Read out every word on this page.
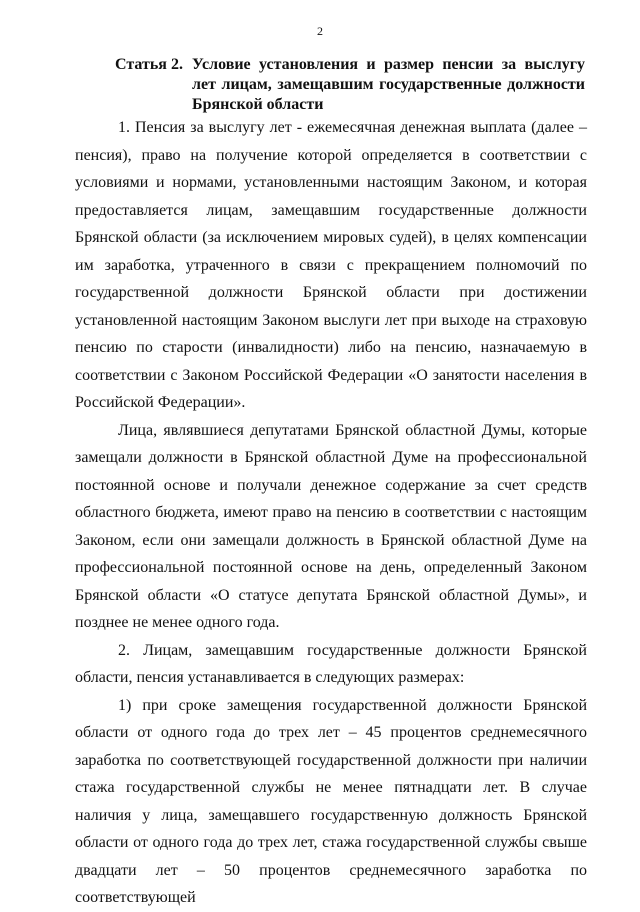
2
Статья 2. Условие установления и размер пенсии за выслугу лет лицам, замещавшим государственные должности Брянской области

1. Пенсия за выслугу лет - ежемесячная денежная выплата (далее – пенсия), право на получение которой определяется в соответствии с условиями и нормами, установленными настоящим Законом, и которая предоставляется лицам, замещавшим государственные должности Брянской области (за исключением мировых судей), в целях компенсации им заработка, утраченного в связи с прекращением полномочий по государственной должности Брянской области при достижении установленной настоящим Законом выслуги лет при выходе на страховую пенсию по старости (инвалидности) либо на пенсию, назначаемую в соответствии с Законом Российской Федерации «О занятости населения в Российской Федерации».

Лица, являвшиеся депутатами Брянской областной Думы, которые замещали должности в Брянской областной Думе на профессиональной постоянной основе и получали денежное содержание за счет средств областного бюджета, имеют право на пенсию в соответствии с настоящим Законом, если они замещали должность в Брянской областной Думе на профессиональной постоянной основе на день, определенный Законом Брянской области «О статусе депутата Брянской областной Думы», и позднее не менее одного года.

2. Лицам, замещавшим государственные должности Брянской области, пенсия устанавливается в следующих размерах:

1) при сроке замещения государственной должности Брянской области от одного года до трех лет – 45 процентов среднемесячного заработка по соответствующей государственной должности при наличии стажа государственной службы не менее пятнадцати лет. В случае наличия у лица, замещавшего государственную должность Брянской области от одного года до трех лет, стажа государственной службы свыше двадцати лет – 50 процентов среднемесячного заработка по соответствующей
